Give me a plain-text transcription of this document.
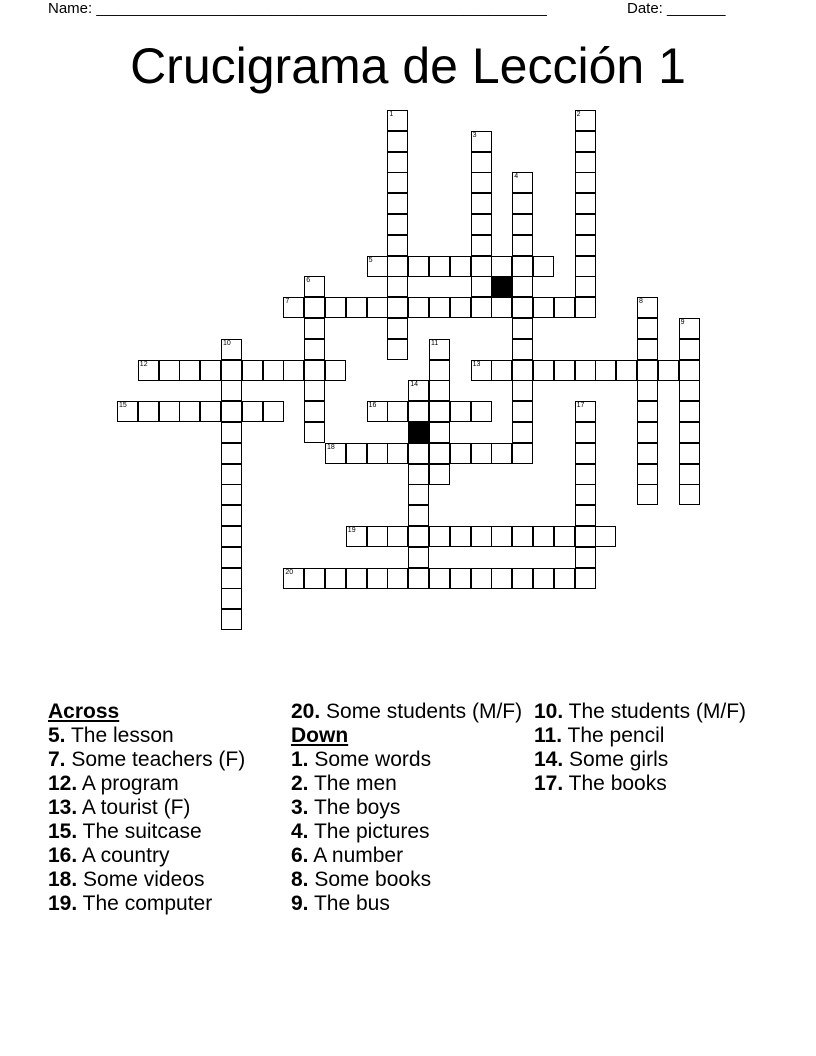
Name: ______________________________________________________	Date: _______
Crucigrama de Lección 1
1	2
3
4
5
6
7	8
9
10	11
12	13
14
15	16	17
18
19
20
Across

5. The lesson

7. Some teachers (F)

12. A program

13. A tourist (F)

15. The suitcase

16. A country

18. Some videos

19. The computer

20. Some students (M/F)

Down

1. Some words

2. The men

3. The boys

4. The pictures

6. A number

8. Some books

9. The bus

10. The students (M/F)

11. The pencil

14. Some girls

17. The books
